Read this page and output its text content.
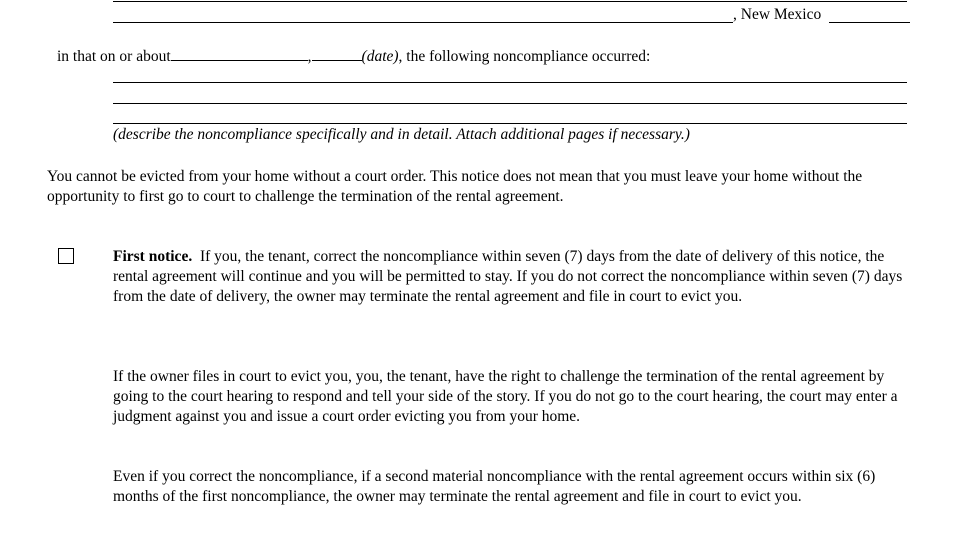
, New Mexico
in that on or about	,	(date), the following noncompliance occurred:
(describe the noncompliance specifically and in detail. Attach additional pages if necessary.)
You cannot be evicted from your home without a court order. This notice does not mean that you must leave your home without the opportunity to first go to court to challenge the termination of the rental agreement.
First notice. If you, the tenant, correct the noncompliance within seven (7) days from the date of delivery of this notice, the rental agreement will continue and you will be permitted to stay. If you do not correct the noncompliance within seven (7) days from the date of delivery, the owner may terminate the rental agreement and file in court to evict you.
If the owner files in court to evict you, you, the tenant, have the right to challenge the termination of the rental agreement by going to the court hearing to respond and tell your side of the story. If you do not go to the court hearing, the court may enter a judgment against you and issue a court order evicting you from your home.
Even if you correct the noncompliance, if a second material noncompliance with the rental agreement occurs within six (6) months of the first noncompliance, the owner may terminate the rental agreement and file in court to evict you.
